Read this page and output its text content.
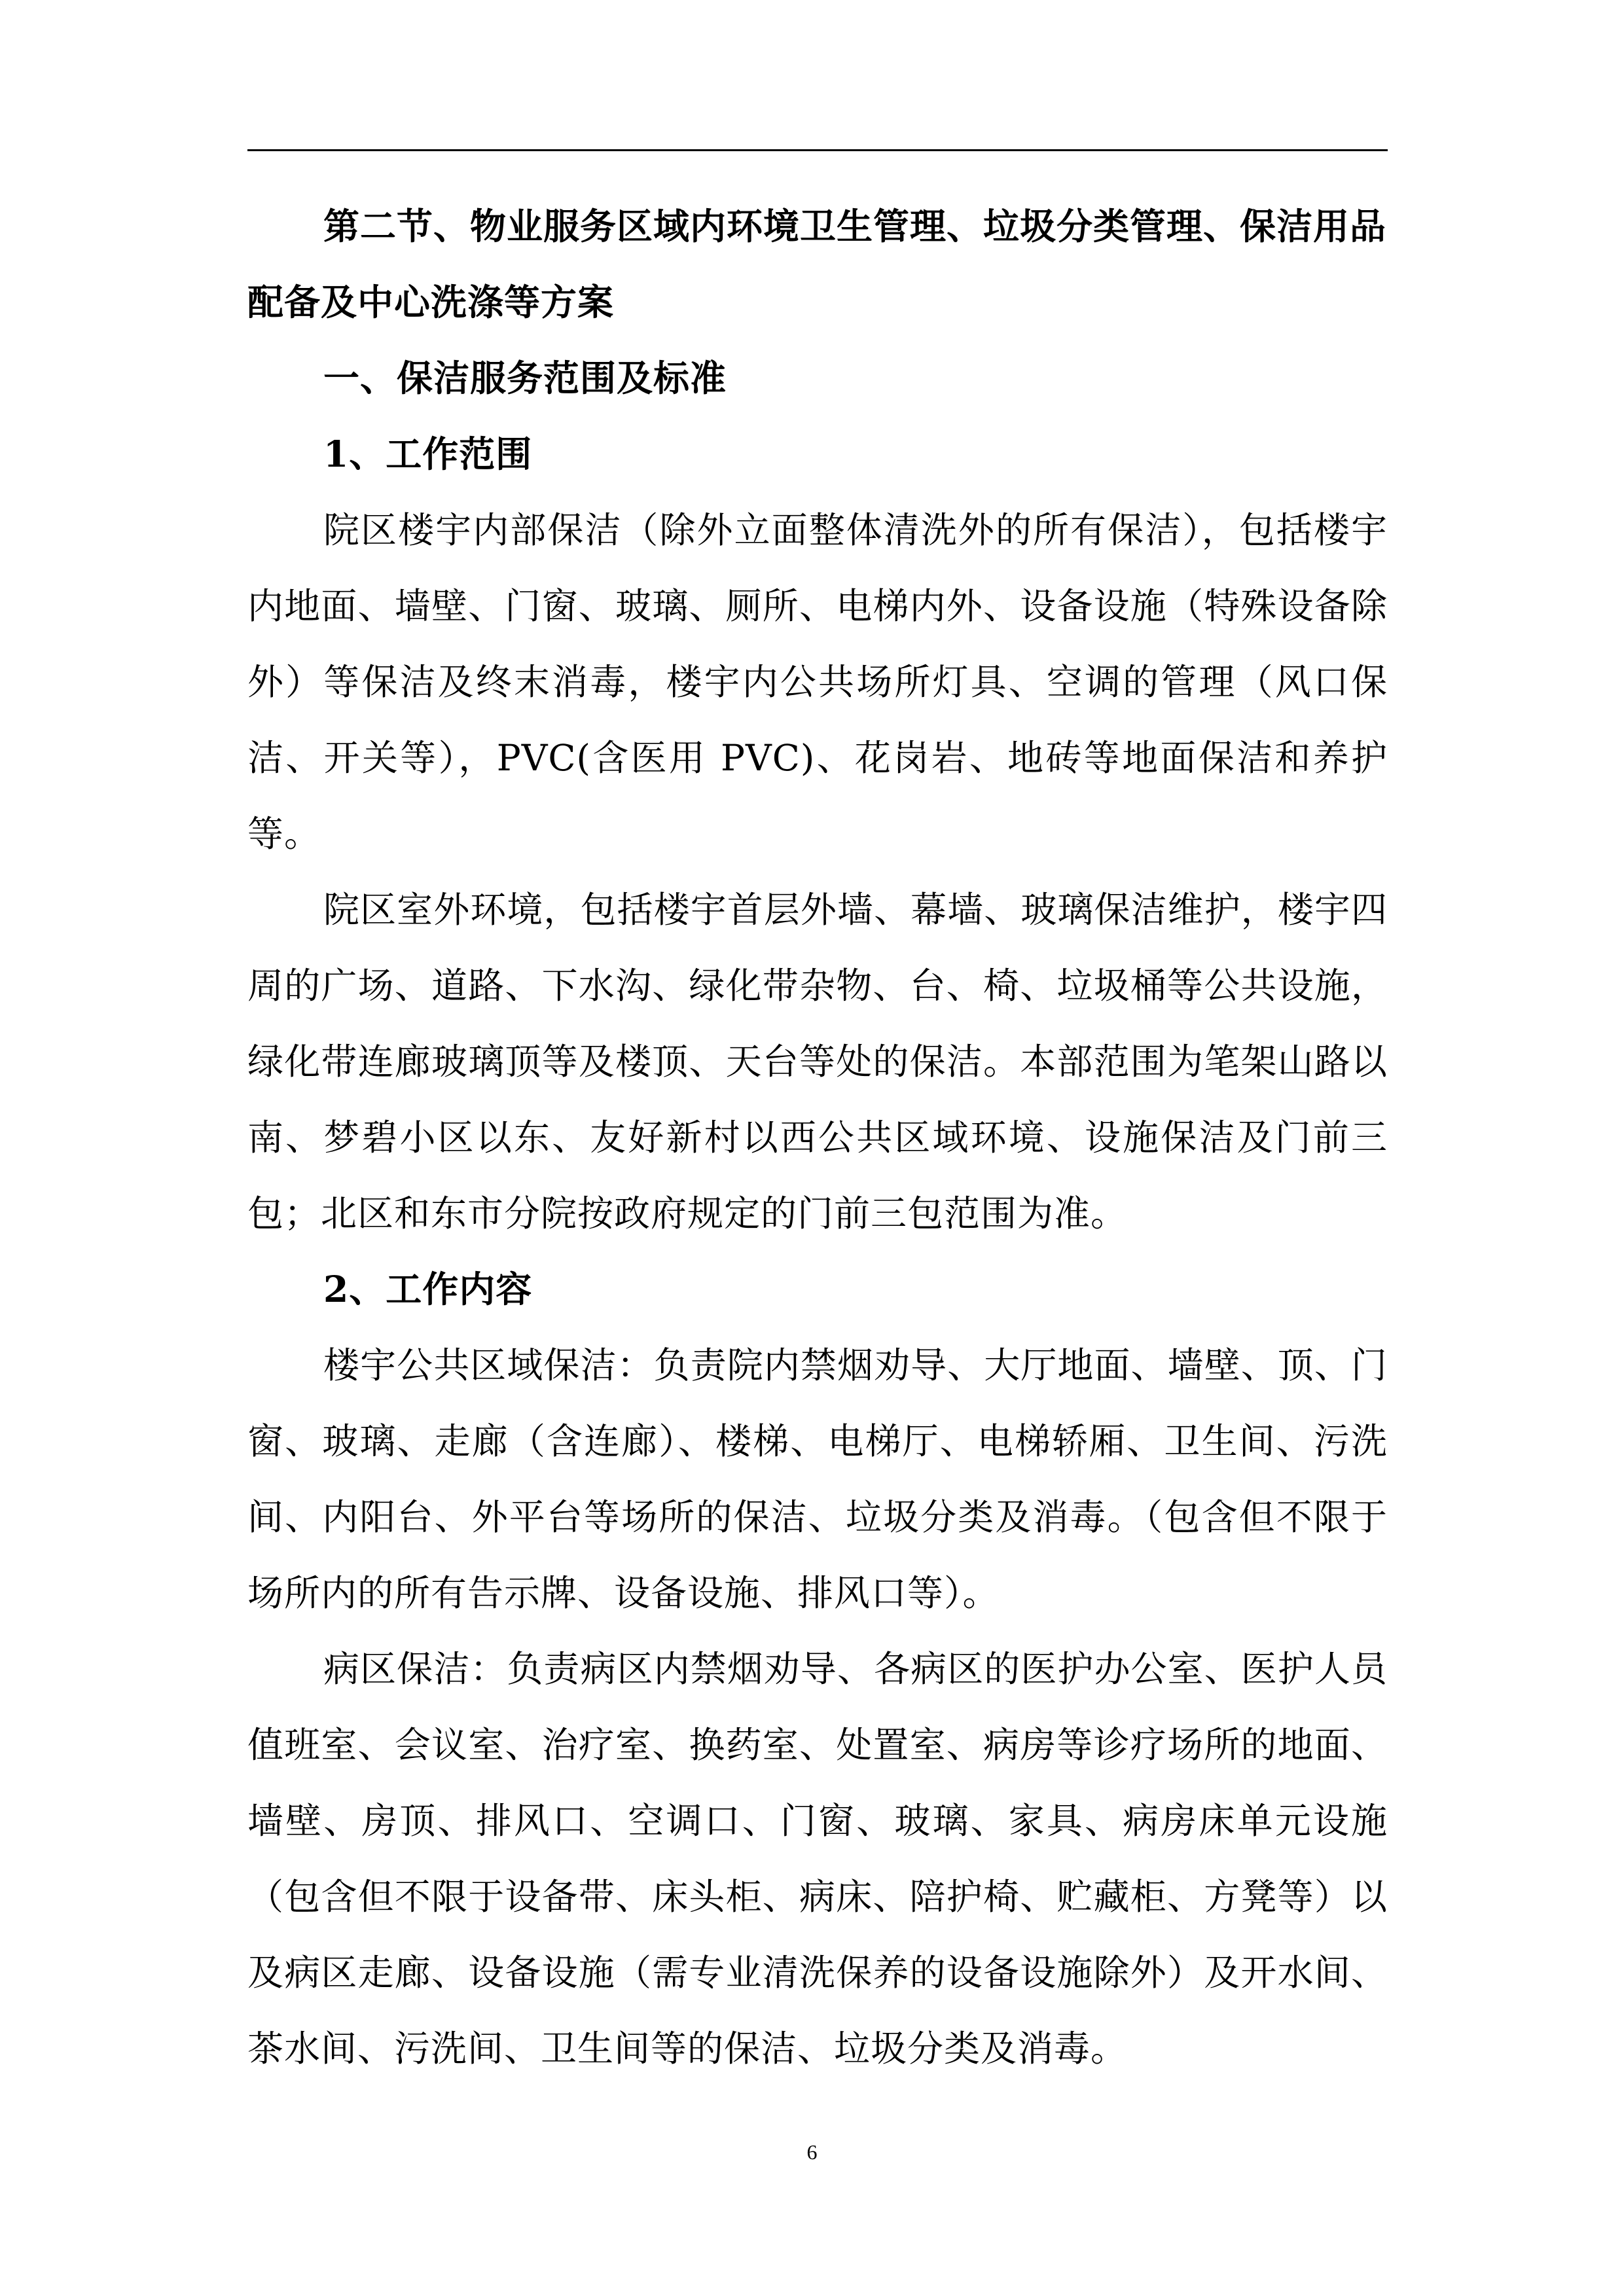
第二节、物业服务区域内环境卫生管理、垃圾分类管理、保洁用品配备及中心洗涤等方案

一、保洁服务范围及标准

1、工作范围

院区楼宇内部保洁（除外立面整体清洗外的所有保洁），包括楼宇内地面、墙壁、门窗、玻璃、厕所、电梯内外、设备设施（特殊设备除外）等保洁及终末消毒，楼宇内公共场所灯具、空调的管理（风口保洁、开关等），PVC(含医用 PVC)、花岗岩、地砖等地面保洁和养护等。

院区室外环境，包括楼宇首层外墙、幕墙、玻璃保洁维护，楼宇四周的广场、道路、下水沟、绿化带杂物、台、椅、垃圾桶等公共设施，绿化带连廊玻璃顶等及楼顶、天台等处的保洁。本部范围为笔架山路以南、梦碧小区以东、友好新村以西公共区域环境、设施保洁及门前三包；北区和东市分院按政府规定的门前三包范围为准。

2、工作内容

楼宇公共区域保洁：负责院内禁烟劝导、大厅地面、墙壁、顶、门窗、玻璃、走廊（含连廊）、楼梯、电梯厅、电梯轿厢、卫生间、污洗间、内阳台、外平台等场所的保洁、垃圾分类及消毒。（包含但不限于场所内的所有告示牌、设备设施、排风口等）。

病区保洁：负责病区内禁烟劝导、各病区的医护办公室、医护人员值班室、会议室、治疗室、换药室、处置室、病房等诊疗场所的地面、墙壁、房顶、排风口、空调口、门窗、玻璃、家具、病房床单元设施（包含但不限于设备带、床头柜、病床、陪护椅、贮藏柜、方凳等）以及病区走廊、设备设施（需专业清洗保养的设备设施除外）及开水间、茶水间、污洗间、卫生间等的保洁、垃圾分类及消毒。

6
